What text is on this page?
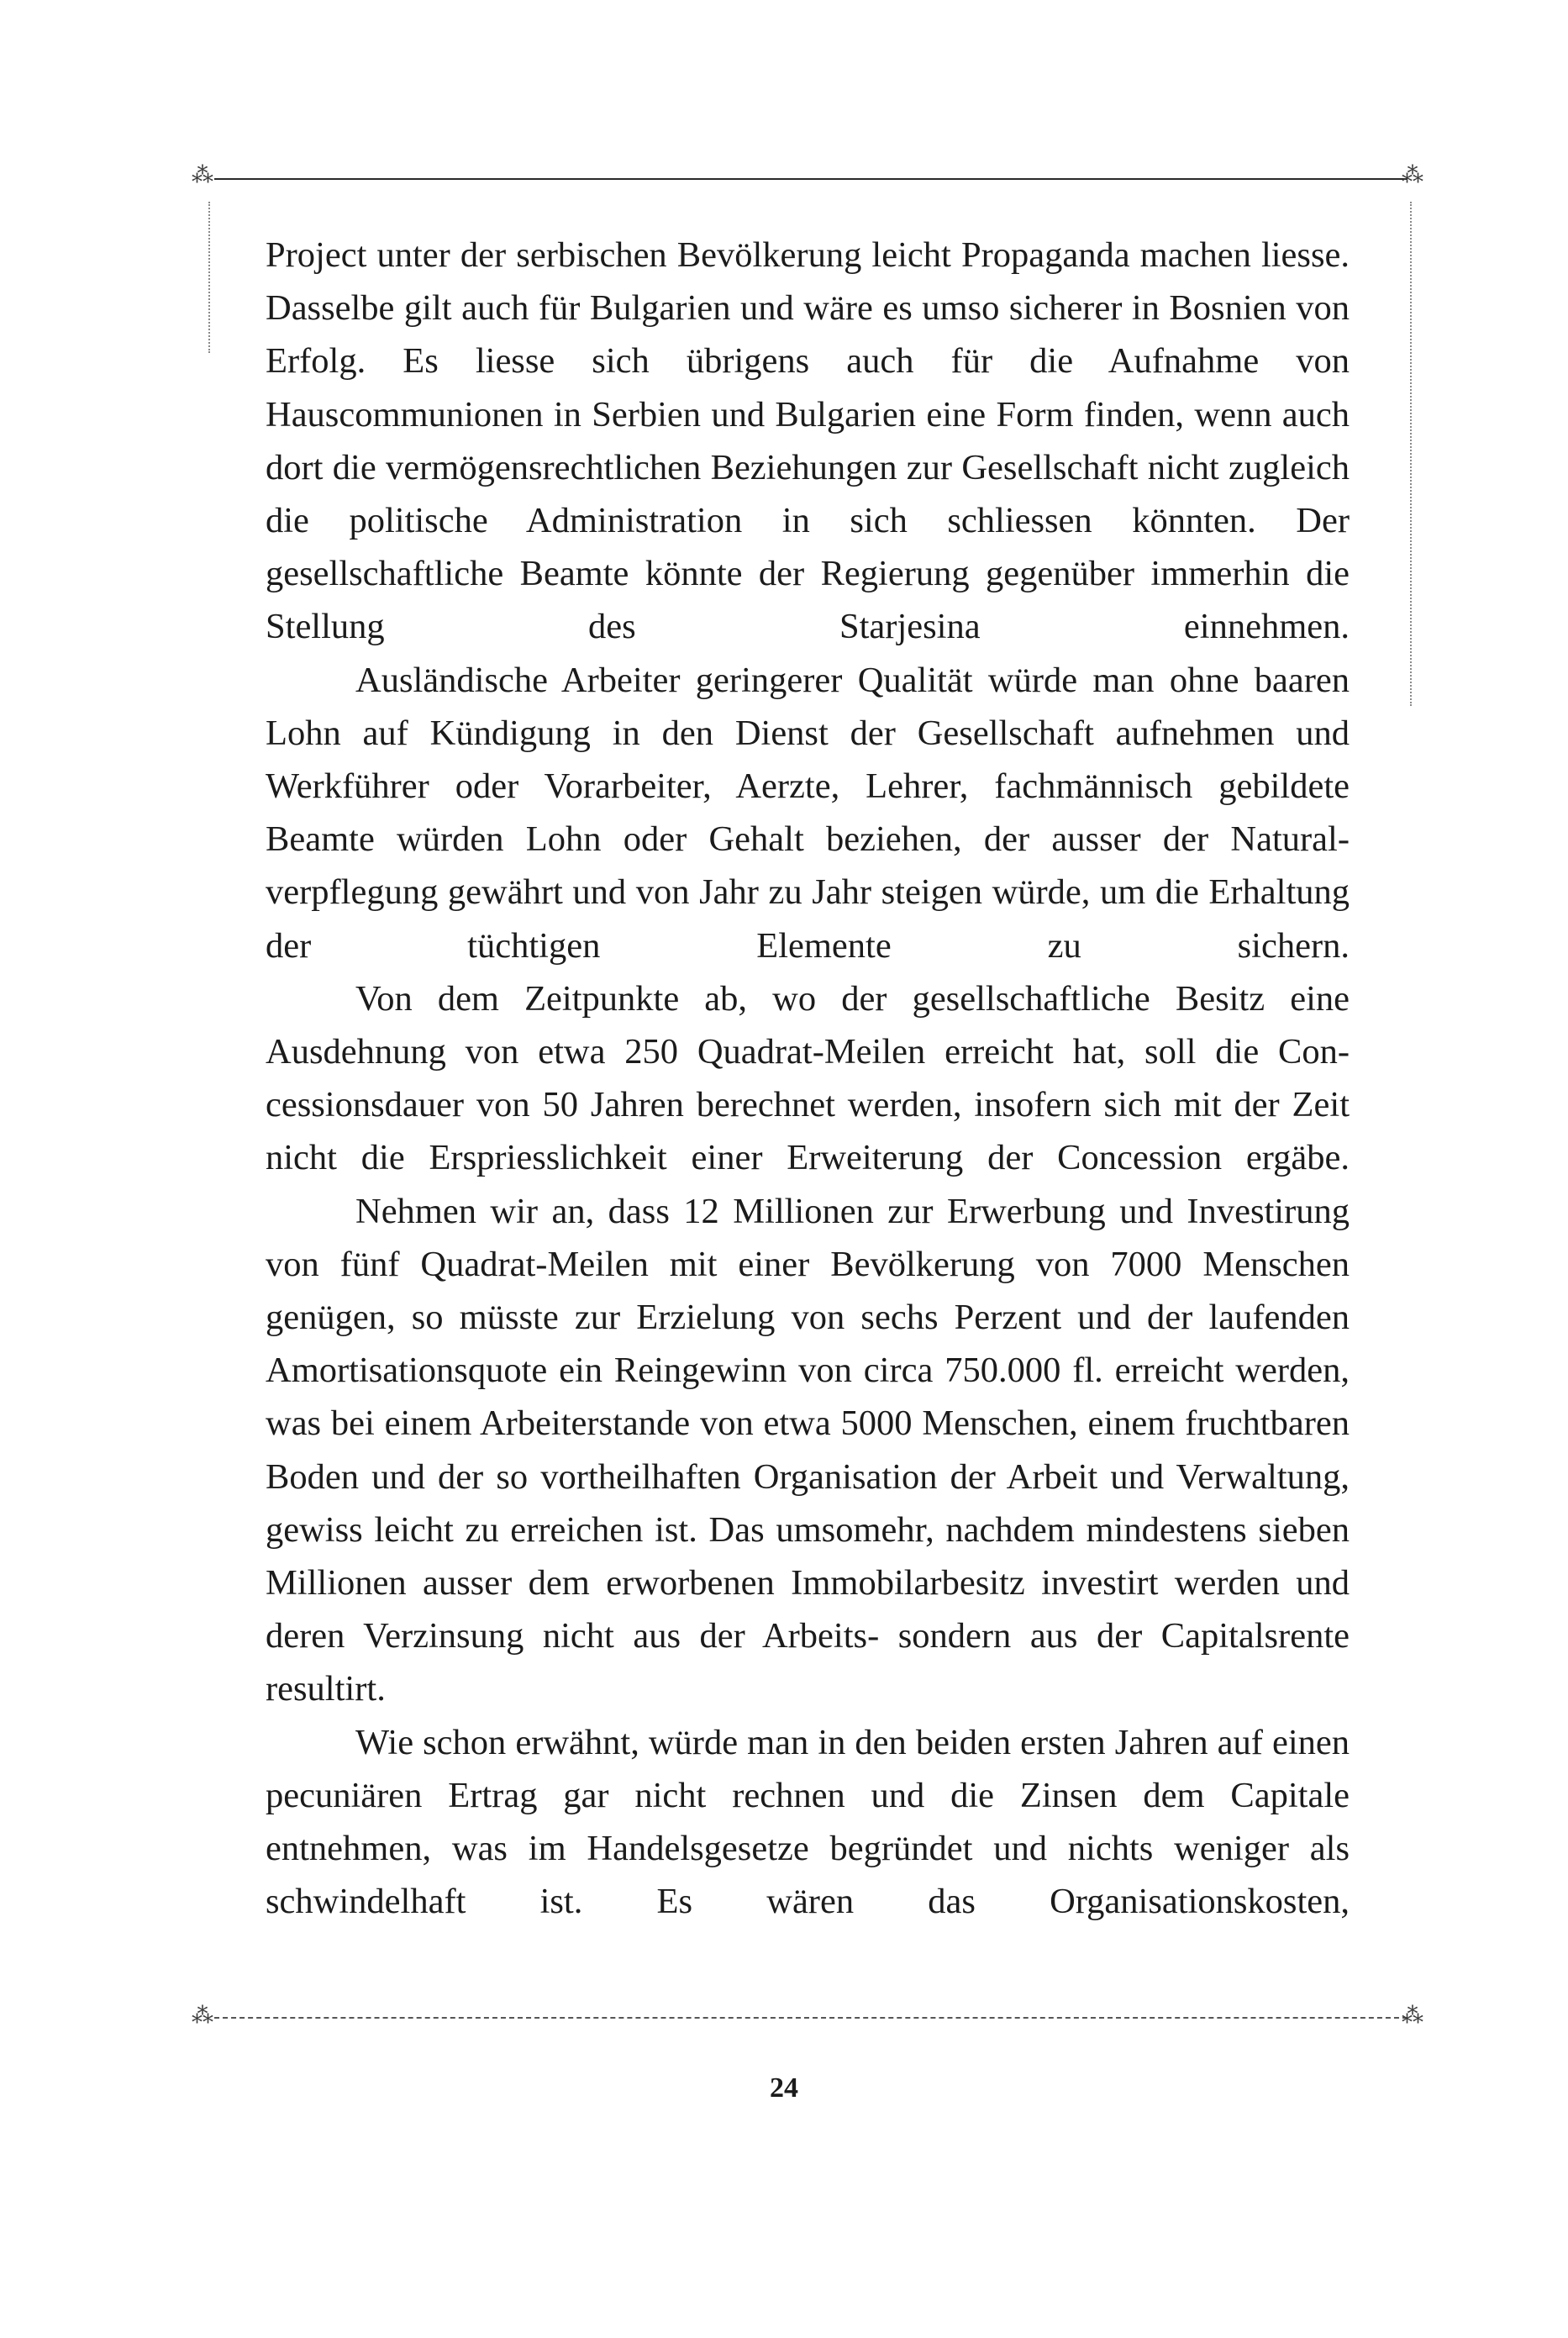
⁂	⁂
⁂	⁂

Project unter der serbischen Bevölkerung leicht Propaganda machen liesse. Dasselbe gilt auch für Bulgarien und wäre es umso sicherer in Bosnien von Erfolg. Es liesse sich übrigens auch für die Aufnahme von Hauscommunionen in Serbien und Bulgarien eine Form finden, wenn auch dort die vermögensrechtlichen Beziehungen zur Gesellschaft nicht zugleich die politische Administration in sich schliessen könnten. Der gesellschaftliche Beamte könnte der Regierung gegenüber immerhin die Stellung des Starjesina einnehmen.

Ausländische Arbeiter geringerer Qualität würde man ohne baaren Lohn auf Kündigung in den Dienst der Gesellschaft aufnehmen und Werkführer oder Vorarbeiter, Aerzte, Lehrer, fachmännisch gebildete Beamte würden Lohn oder Gehalt beziehen, der ausser der Naturalverpflegung gewährt und von Jahr zu Jahr steigen würde, um die Erhaltung der tüchtigen Elemente zu sichern.

Von dem Zeitpunkte ab, wo der gesellschaftliche Besitz eine Ausdehnung von etwa 250 Quadrat-Meilen erreicht hat, soll die Concessionsdauer von 50 Jahren berechnet werden, insofern sich mit der Zeit nicht die Erspriesslichkeit einer Erweiterung der Concession ergäbe.

Nehmen wir an, dass 12 Millionen zur Erwerbung und Investirung von fünf Quadrat-Meilen mit einer Bevölkerung von 7000 Menschen genügen, so müsste zur Erzielung von sechs Perzent und der laufenden Amortisationsquote ein Reingewinn von circa 750.000 fl. erreicht werden, was bei einem Arbeiterstande von etwa 5000 Menschen, einem fruchtbaren Boden und der so vortheilhaften Organisation der Arbeit und Verwaltung, gewiss leicht zu erreichen ist. Das umsomehr, nachdem mindestens sieben Millionen ausser dem erworbenen Immobilarbesitz investirt werden und deren Verzinsung nicht aus der Arbeits- sondern aus der Capitalsrente resultirt.

Wie schon erwähnt, würde man in den beiden ersten Jahren auf einen pecuniären Ertrag gar nicht rechnen und die Zinsen dem Capitale entnehmen, was im Handelsgesetze begründet und nichts weniger als schwindelhaft ist. Es wären das Organisationskosten,

24
